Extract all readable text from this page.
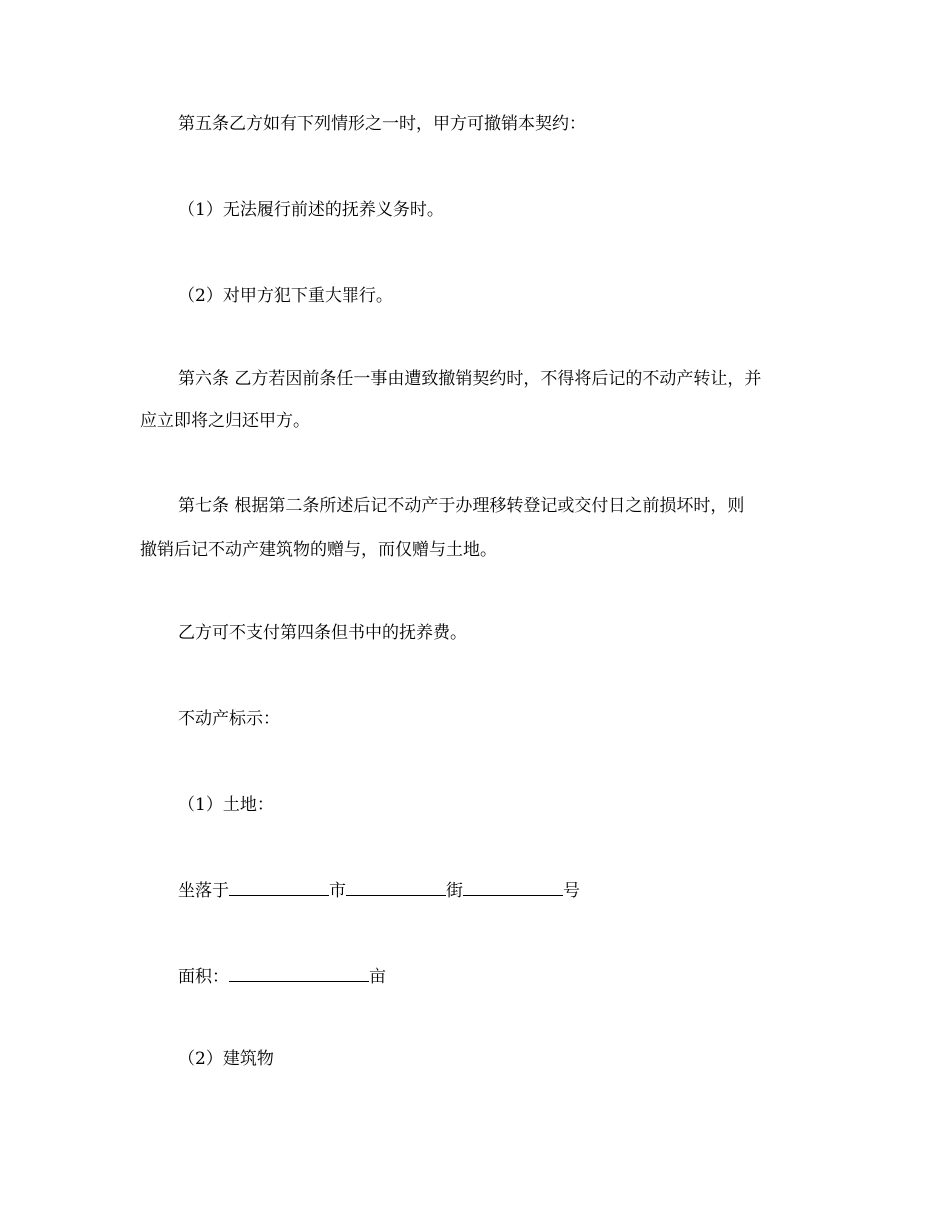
第五条乙方如有下列情形之一时，甲方可撤销本契约：
（1）无法履行前述的抚养义务时。
（2）对甲方犯下重大罪行。
第六条 乙方若因前条任一事由遭致撤销契约时，不得将后记的不动产转让，并
应立即将之归还甲方。
第七条 根据第二条所述后记不动产于办理移转登记或交付日之前损坏时，则
撤销后记不动产建筑物的赠与，而仅赠与土地。
乙方可不支付第四条但书中的抚养费。
不动产标示：
（1）土地：
坐落于	市	街	号
面积：	亩
（2）建筑物
